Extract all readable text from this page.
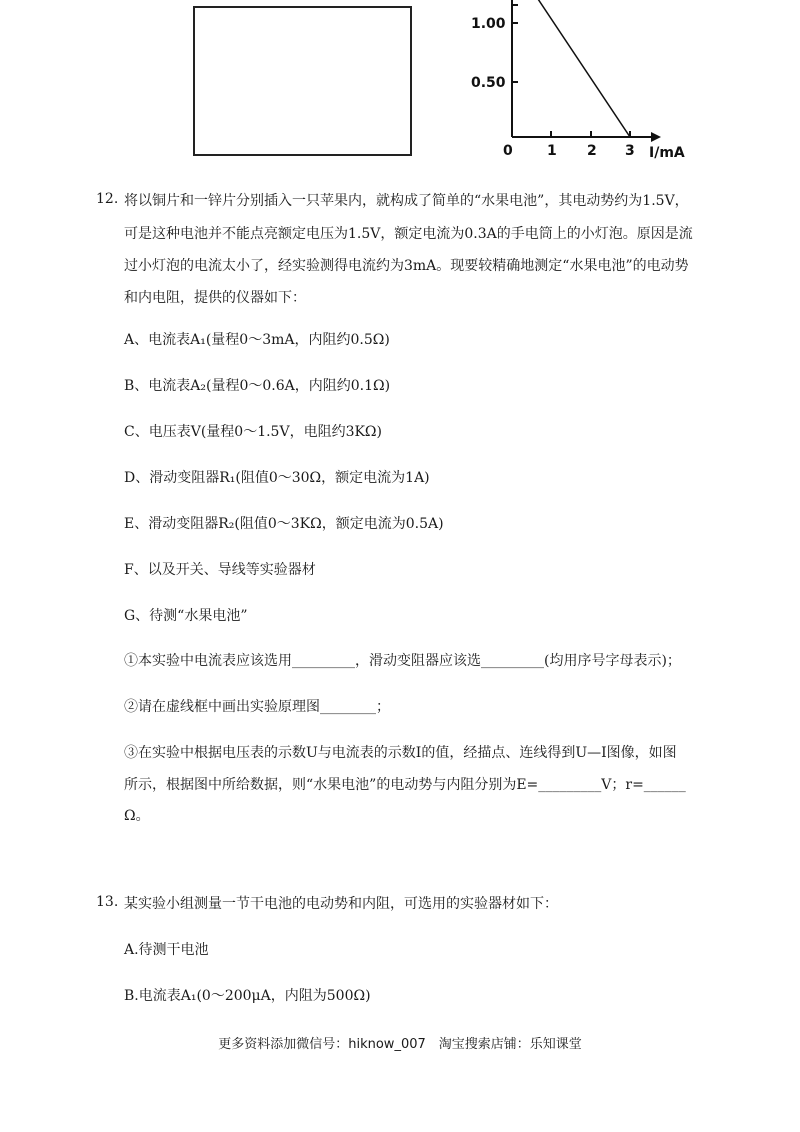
1.00
0.50
0 1 2 3 I/mA
12. 将以铜片和一锌片分别插入一只苹果内，就构成了简单的“水果电池”，其电动势约为1.5V，
可是这种电池并不能点亮额定电压为1.5V，额定电流为0.3A的手电筒上的小灯泡。原因是流
过小灯泡的电流太小了，经实验测得电流约为3mA。现要较精确地测定“水果电池”的电动势
和内电阻，提供的仪器如下：
A、电流表A₁(量程0～3mA，内阻约0.5Ω)
B、电流表A₂(量程0～0.6A，内阻约0.1Ω)
C、电压表V(量程0～1.5V，电阻约3KΩ)
D、滑动变阻器R₁(阻值0～30Ω，额定电流为1A)
E、滑动变阻器R₂(阻值0～3KΩ，额定电流为0.5A)
F、以及开关、导线等实验器材
G、待测“水果电池”
①本实验中电流表应该选用_________，滑动变阻器应该选_________(均用序号字母表示)；
②请在虚线框中画出实验原理图________；
③在实验中根据电压表的示数U与电流表的示数I的值，经描点、连线得到U—I图像，如图
所示，根据图中所给数据，则“水果电池”的电动势与内阻分别为E=_________V；r=______
Ω。
13. 某实验小组测量一节干电池的电动势和内阻，可选用的实验器材如下：
A.待测干电池
B.电流表A₁(0～200μA，内阻为500Ω)
更多资料添加微信号：hiknow_007　淘宝搜索店铺：乐知课堂
